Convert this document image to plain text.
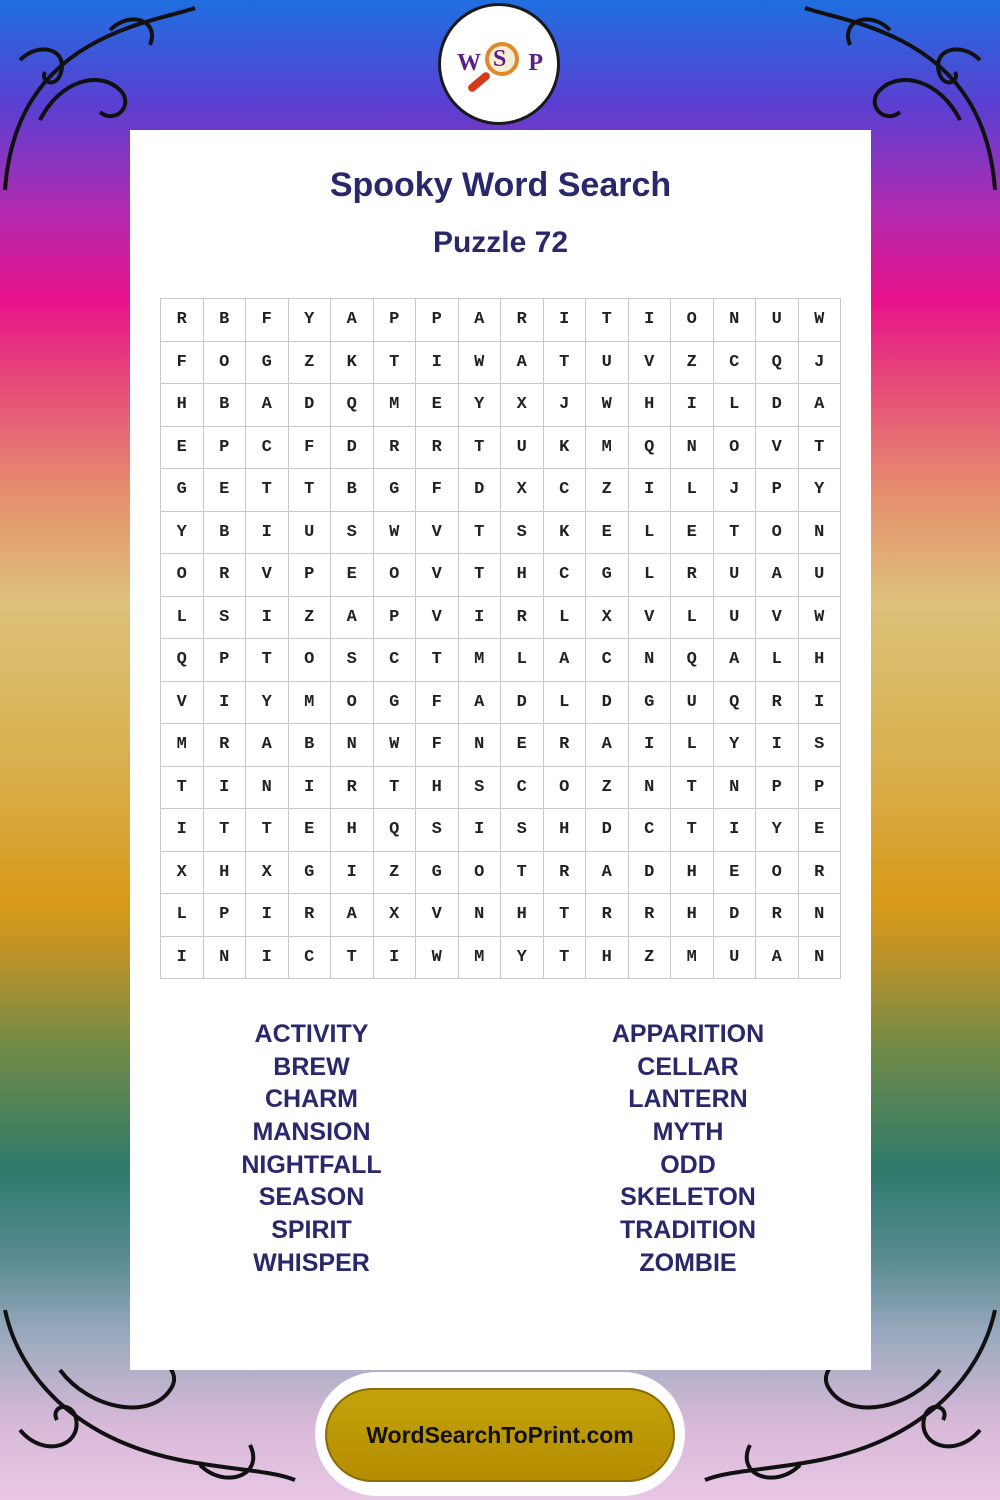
W S P
Spooky Word Search
Puzzle 72
R	B	F	Y	A	P	P	A	R	I	T	I	O	N	U	W
F	O	G	Z	K	T	I	W	A	T	U	V	Z	C	Q	J
H	B	A	D	Q	M	E	Y	X	J	W	H	I	L	D	A
E	P	C	F	D	R	R	T	U	K	M	Q	N	O	V	T
G	E	T	T	B	G	F	D	X	C	Z	I	L	J	P	Y
Y	B	I	U	S	W	V	T	S	K	E	L	E	T	O	N
O	R	V	P	E	O	V	T	H	C	G	L	R	U	A	U
L	S	I	Z	A	P	V	I	R	L	X	V	L	U	V	W
Q	P	T	O	S	C	T	M	L	A	C	N	Q	A	L	H
V	I	Y	M	O	G	F	A	D	L	D	G	U	Q	R	I
M	R	A	B	N	W	F	N	E	R	A	I	L	Y	I	S
T	I	N	I	R	T	H	S	C	O	Z	N	T	N	P	P
I	T	T	E	H	Q	S	I	S	H	D	C	T	I	Y	E
X	H	X	G	I	Z	G	O	T	R	A	D	H	E	O	R
L	P	I	R	A	X	V	N	H	T	R	R	H	D	R	N
I	N	I	C	T	I	W	M	Y	T	H	Z	M	U	A	N
ACTIVITY	APPARITION
BREW	CELLAR
CHARM	LANTERN
MANSION	MYTH
NIGHTFALL	ODD
SEASON	SKELETON
SPIRIT	TRADITION
WHISPER	ZOMBIE
WordSearchToPrint.com
